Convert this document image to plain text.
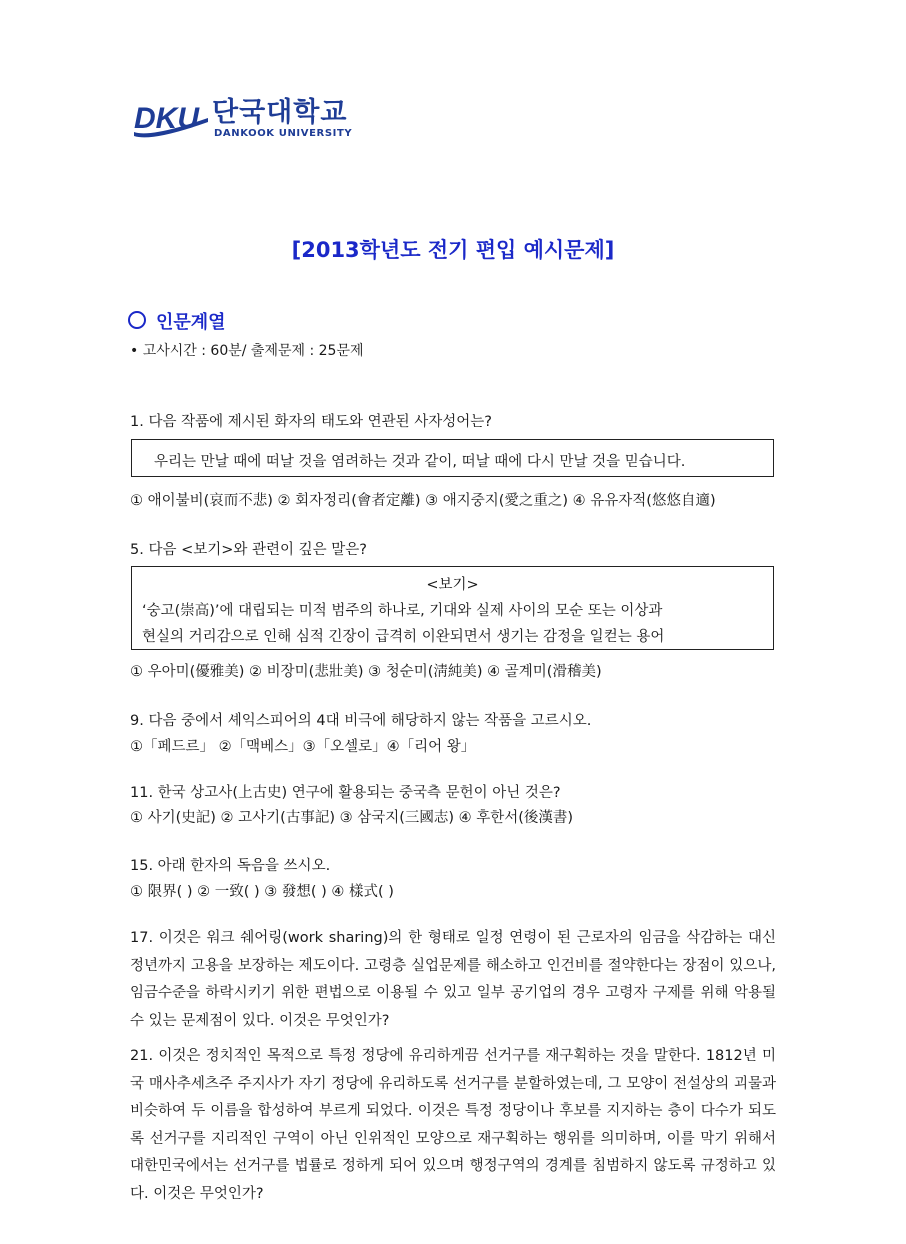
DKU 단국대학교
DANKOOK UNIVERSITY
[2013학년도 전기 편입 예시문제]
인문계열
• 고사시간 : 60분/ 출제문제 : 25문제
1. 다음 작품에 제시된 화자의 태도와 연관된 사자성어는?
우리는 만날 때에 떠날 것을 염려하는 것과 같이, 떠날 때에 다시 만날 것을 믿습니다.
① 애이불비(哀而不悲) ② 회자정리(會者定離) ③ 애지중지(愛之重之) ④ 유유자적(悠悠自適)
5. 다음 <보기>와 관련이 깊은 말은?
<보기>
‘숭고(崇高)’에 대립되는 미적 범주의 하나로, 기대와 실제 사이의 모순 또는 이상과
현실의 거리감으로 인해 심적 긴장이 급격히 이완되면서 생기는 감정을 일컫는 용어
① 우아미(優雅美) ② 비장미(悲壯美) ③ 청순미(淸純美) ④ 골계미(滑稽美)
9. 다음 중에서 셰익스피어의 4대 비극에 해당하지 않는 작품을 고르시오.
①「페드르」 ②「맥베스」③「오셀로」④「리어 왕」
11. 한국 상고사(上古史) 연구에 활용되는 중국측 문헌이 아닌 것은?
① 사기(史記) ② 고사기(古事記) ③ 삼국지(三國志) ④ 후한서(後漢書)
15. 아래 한자의 독음을 쓰시오.
① 限界( ) ② 一致( ) ③ 發想( ) ④ 樣式( )
17. 이것은 워크 쉐어링(work sharing)의 한 형태로 일정 연령이 된 근로자의 임금을 삭감하는 대신 정년까지 고용을 보장하는 제도이다. 고령층 실업문제를 해소하고 인건비를 절약한다는 장점이 있으나, 임금수준을 하락시키기 위한 편법으로 이용될 수 있고 일부 공기업의 경우 고령자 구제를 위해 악용될 수 있는 문제점이 있다. 이것은 무엇인가?
21. 이것은 정치적인 목적으로 특정 정당에 유리하게끔 선거구를 재구획하는 것을 말한다. 1812년 미국 매사추세츠주 주지사가 자기 정당에 유리하도록 선거구를 분할하였는데, 그 모양이 전설상의 괴물과 비슷하여 두 이름을 합성하여 부르게 되었다. 이것은 특정 정당이나 후보를 지지하는 층이 다수가 되도록 선거구를 지리적인 구역이 아닌 인위적인 모양으로 재구획하는 행위를 의미하며, 이를 막기 위해서 대한민국에서는 선거구를 법률로 정하게 되어 있으며 행정구역의 경계를 침범하지 않도록 규정하고 있다. 이것은 무엇인가?
